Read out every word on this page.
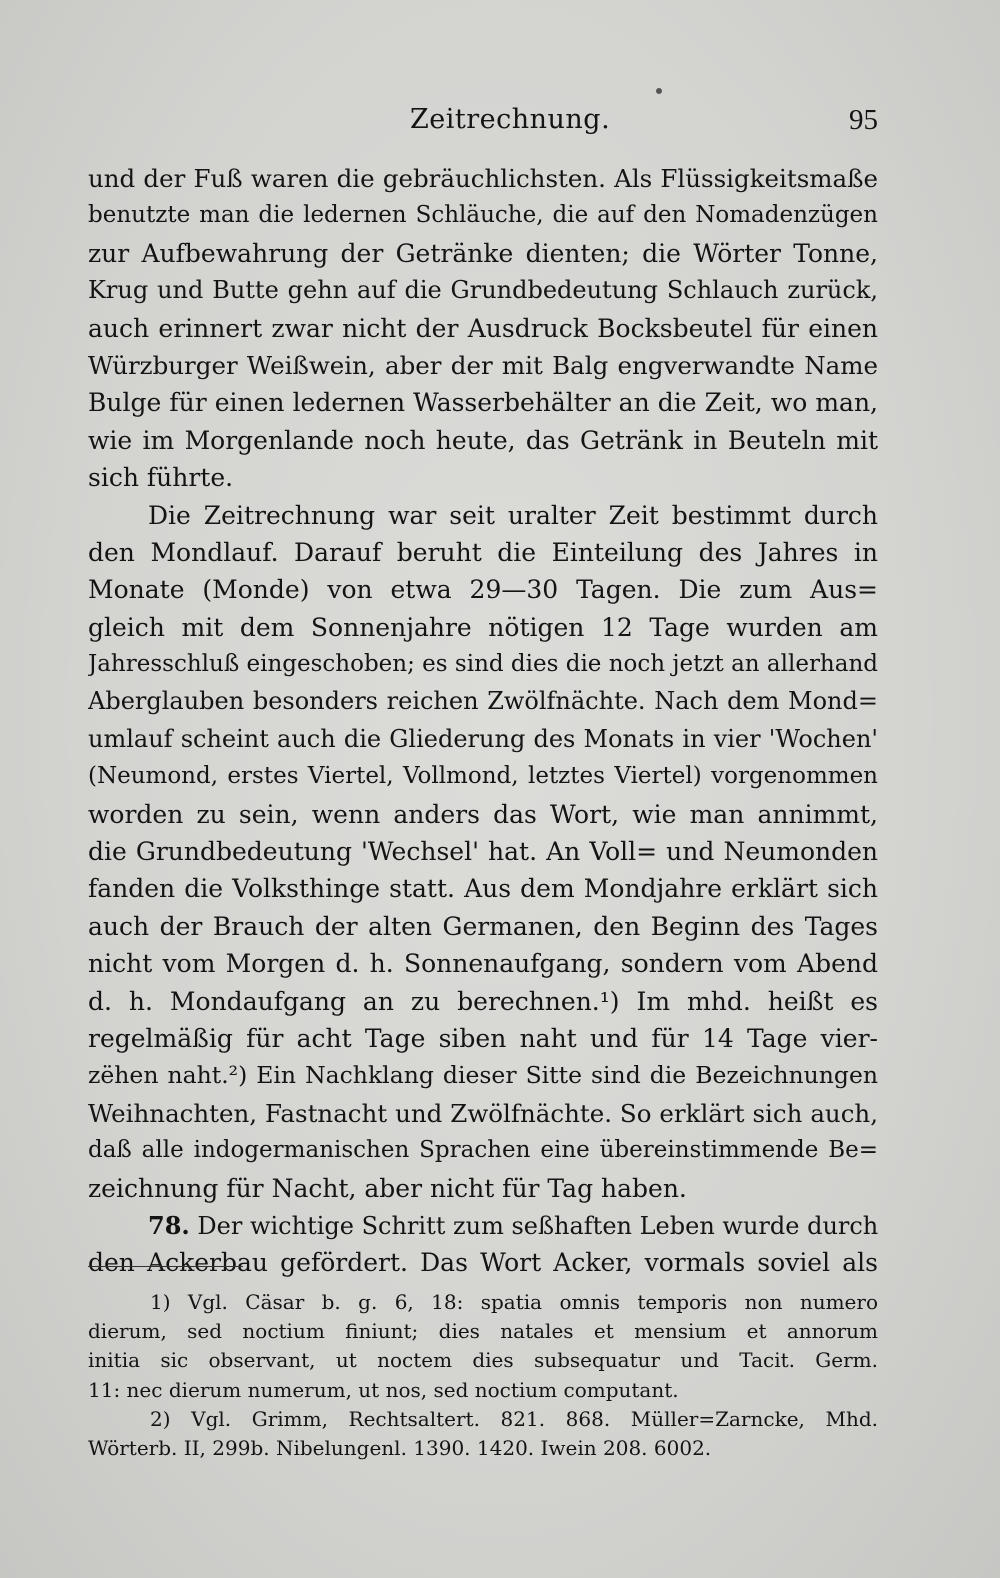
Zeitrechnung.	95
und der Fuß waren die gebräuchlichsten. Als Flüssigkeitsmaße
benutzte man die ledernen Schläuche, die auf den Nomadenzügen
zur Aufbewahrung der Getränke dienten; die Wörter Tonne,
Krug und Butte gehn auf die Grundbedeutung Schlauch zurück,
auch erinnert zwar nicht der Ausdruck Bocksbeutel für einen
Würzburger Weißwein, aber der mit Balg engverwandte Name
Bulge für einen ledernen Wasserbehälter an die Zeit, wo man,
wie im Morgenlande noch heute, das Getränk in Beuteln mit
sich führte.
Die Zeitrechnung war seit uralter Zeit bestimmt durch
den Mondlauf. Darauf beruht die Einteilung des Jahres in
Monate (Monde) von etwa 29—30 Tagen. Die zum Aus=
gleich mit dem Sonnenjahre nötigen 12 Tage wurden am
Jahresschluß eingeschoben; es sind dies die noch jetzt an allerhand
Aberglauben besonders reichen Zwölfnächte. Nach dem Mond=
umlauf scheint auch die Gliederung des Monats in vier 'Wochen'
(Neumond, erstes Viertel, Vollmond, letztes Viertel) vorgenommen
worden zu sein, wenn anders das Wort, wie man annimmt,
die Grundbedeutung 'Wechsel' hat. An Voll= und Neumonden
fanden die Volksthinge statt. Aus dem Mondjahre erklärt sich
auch der Brauch der alten Germanen, den Beginn des Tages
nicht vom Morgen d. h. Sonnenaufgang, sondern vom Abend
d. h. Mondaufgang an zu berechnen.¹) Im mhd. heißt es
regelmäßig für acht Tage siben naht und für 14 Tage vier-
zëhen naht.²) Ein Nachklang dieser Sitte sind die Bezeichnungen
Weihnachten, Fastnacht und Zwölfnächte. So erklärt sich auch,
daß alle indogermanischen Sprachen eine übereinstimmende Be=
zeichnung für Nacht, aber nicht für Tag haben.
78. Der wichtige Schritt zum seßhaften Leben wurde durch
den Ackerbau gefördert. Das Wort Acker, vormals soviel als
1) Vgl. Cäsar b. g. 6, 18: spatia omnis temporis non numero
dierum, sed noctium finiunt; dies natales et mensium et annorum
initia sic observant, ut noctem dies subsequatur und Tacit. Germ.
11: nec dierum numerum, ut nos, sed noctium computant.
2) Vgl. Grimm, Rechtsaltert. 821. 868. Müller=Zarncke, Mhd.
Wörterb. II, 299b. Nibelungenl. 1390. 1420. Iwein 208. 6002.
